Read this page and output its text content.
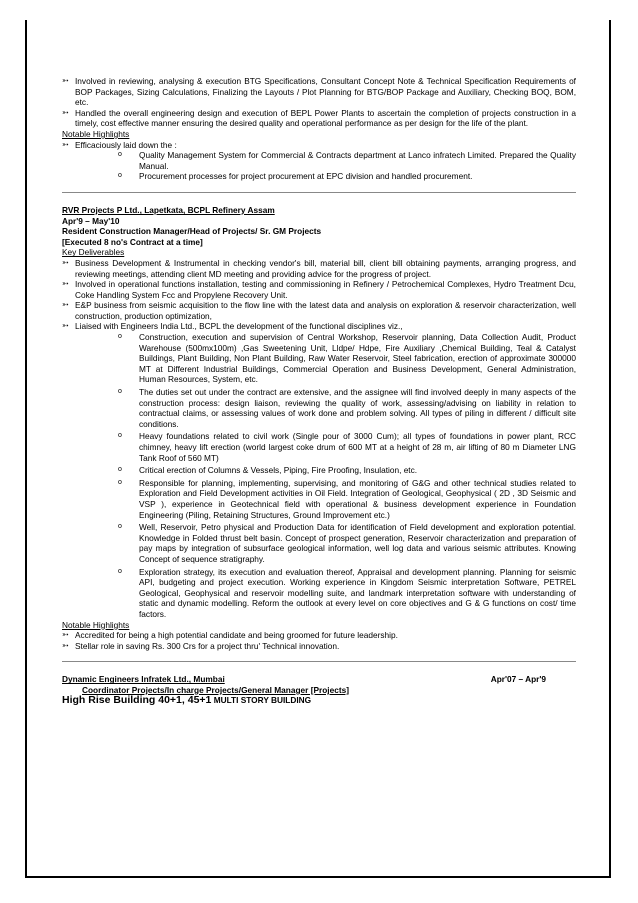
➳ Involved in reviewing, analysing & execution BTG Specifications, Consultant Concept Note & Technical Specification Requirements of BOP Packages, Sizing Calculations, Finalizing the Layouts / Plot Planning for BTG/BOP Package and Auxiliary, Checking BOQ, BOM, etc.
➳ Handled the overall engineering design and execution of BEPL Power Plants to ascertain the completion of projects construction in a timely, cost effective manner ensuring the desired quality and operational performance as per design for the life of the plant.
Notable Highlights
➳ Efficaciously laid down the :
o	Quality Management System for Commercial & Contracts department at Lanco infratech Limited. Prepared the Quality Manual.
o	Procurement processes for project procurement at EPC division and handled procurement.
RVR Projects P Ltd., Lapetkata, BCPL Refinery Assam
Apr'9 – May'10
Resident Construction Manager/Head of Projects/ Sr. GM Projects
[Executed 8 no's Contract at a time]
Key Deliverables
➳ Business Development & Instrumental in checking vendor's bill, material bill, client bill obtaining payments, arranging progress, and reviewing meetings, attending client MD meeting and providing advice for the progress of project.
➳ Involved in operational functions installation, testing and commissioning in Refinery / Petrochemical Complexes, Hydro Treatment Dcu, Coke Handling System Fcc and Propylene Recovery Unit.
➳ E&P business from seismic acquisition to the flow line with the latest data and analysis on exploration & reservoir characterization, well construction, production optimization,
➳ Liaised with Engineers India Ltd., BCPL the development of the functional disciplines viz.,
o	Construction, execution and supervision of Central Workshop, Reservoir planning, Data Collection Audit, Product Warehouse (500mx100m) ,Gas Sweetening Unit, Lldpe/ Hdpe, Fire Auxiliary ,Chemical Building, Teal & Catalyst Buildings, Plant Building, Non Plant Building, Raw Water Reservoir, Steel fabrication, erection of approximate 300000 MT at Different Industrial Buildings, Commercial Operation and Business Development, General Administration, Human Resources, System, etc.
o	The duties set out under the contract are extensive, and the assignee will find involved deeply in many aspects of the construction process: design liaison, reviewing the quality of work, assessing/advising on liability in relation to contractual claims, or assessing values of work done and problem solving. All types of piling in different / difficult site conditions.
o	Heavy foundations related to civil work (Single pour of 3000 Cum); all types of foundations in power plant, RCC chimney, heavy lift erection (world largest coke drum of 600 MT at a height of 28 m, air lifting of 80 m Diameter LNG Tank Roof of 560 MT)
o	Critical erection of Columns & Vessels, Piping, Fire Proofing, Insulation, etc.
o	Responsible for planning, implementing, supervising, and monitoring of G&G and other technical studies related to Exploration and Field Development activities in Oil Field. Integration of Geological, Geophysical ( 2D , 3D Seismic and VSP ), experience in Geotechnical field with operational & business development experience in Foundation Engineering (Piling, Retaining Structures, Ground Improvement etc.)
o	Well, Reservoir, Petro physical and Production Data for identification of Field development and exploration potential. Knowledge in Folded thrust belt basin. Concept of prospect generation, Reservoir characterization and preparation of pay maps by integration of subsurface geological information, well log data and various seismic attributes. Knowing Concept of sequence stratigraphy.
o	Exploration strategy, its execution and evaluation thereof, Appraisal and development planning. Planning for seismic API, budgeting and project execution. Working experience in Kingdom Seismic interpretation Software, PETREL Geological, Geophysical and reservoir modelling suite, and landmark interpretation software with understanding of static and dynamic modelling. Reform the outlook at every level on core objectives and G & G functions on cost/ time factors.
Notable Highlights
➳ Accredited for being a high potential candidate and being groomed for future leadership.
➳ Stellar role in saving Rs. 300 Crs for a project thru' Technical innovation.
Dynamic Engineers Infratek Ltd., Mumbai	Apr'07 – Apr'9
Coordinator Projects/In charge Projects/General Manager [Projects]
High Rise Building 40+1, 45+1 MULTI STORY BUILDING
